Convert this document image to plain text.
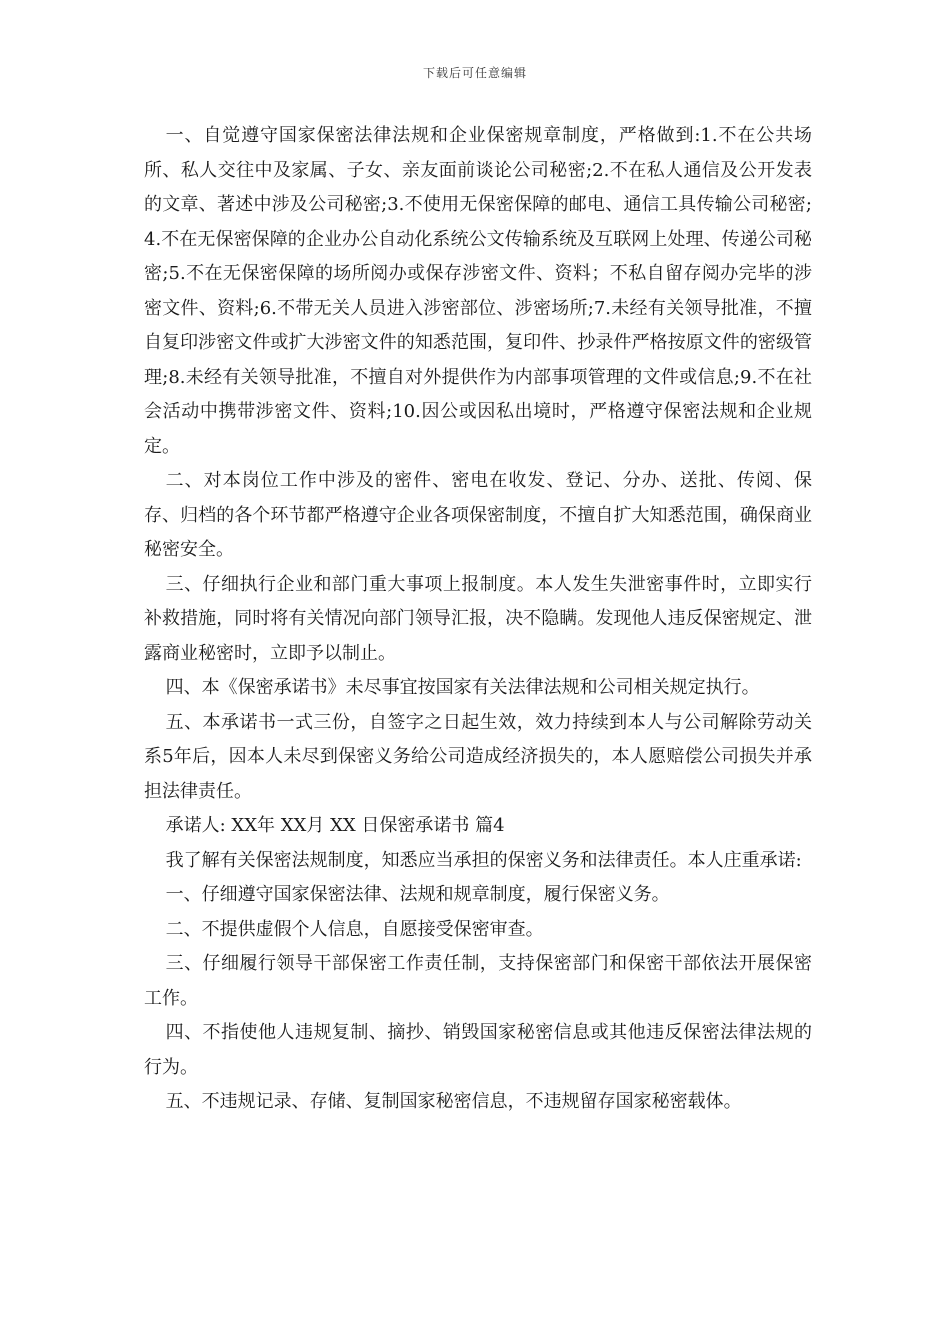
下载后可任意编辑

一、自觉遵守国家保密法律法规和企业保密规章制度，严格做到:1.不在公共场所、私人交往中及家属、子女、亲友面前谈论公司秘密;2.不在私人通信及公开发表的文章、著述中涉及公司秘密;3.不使用无保密保障的邮电、通信工具传输公司秘密;4.不在无保密保障的企业办公自动化系统公文传输系统及互联网上处理、传递公司秘密;5.不在无保密保障的场所阅办或保存涉密文件、资料；不私自留存阅办完毕的涉密文件、资料;6.不带无关人员进入涉密部位、涉密场所;7.未经有关领导批准，不擅自复印涉密文件或扩大涉密文件的知悉范围，复印件、抄录件严格按原文件的密级管理;8.未经有关领导批准，不擅自对外提供作为内部事项管理的文件或信息;9.不在社会活动中携带涉密文件、资料;10.因公或因私出境时，严格遵守保密法规和企业规定。

二、对本岗位工作中涉及的密件、密电在收发、登记、分办、送批、传阅、保存、归档的各个环节都严格遵守企业各项保密制度，不擅自扩大知悉范围，确保商业秘密安全。

三、仔细执行企业和部门重大事项上报制度。本人发生失泄密事件时，立即实行补救措施，同时将有关情况向部门领导汇报，决不隐瞒。发现他人违反保密规定、泄露商业秘密时，立即予以制止。

四、本《保密承诺书》未尽事宜按国家有关法律法规和公司相关规定执行。

五、本承诺书一式三份，自签字之日起生效，效力持续到本人与公司解除劳动关系5年后，因本人未尽到保密义务给公司造成经济损失的，本人愿赔偿公司损失并承担法律责任。

承诺人: XX年 XX月 XX 日保密承诺书 篇4

我了解有关保密法规制度，知悉应当承担的保密义务和法律责任。本人庄重承诺:

一、仔细遵守国家保密法律、法规和规章制度，履行保密义务。

二、不提供虚假个人信息，自愿接受保密审查。

三、仔细履行领导干部保密工作责任制，支持保密部门和保密干部依法开展保密工作。

四、不指使他人违规复制、摘抄、销毁国家秘密信息或其他违反保密法律法规的行为。

五、不违规记录、存储、复制国家秘密信息，不违规留存国家秘密载体。
